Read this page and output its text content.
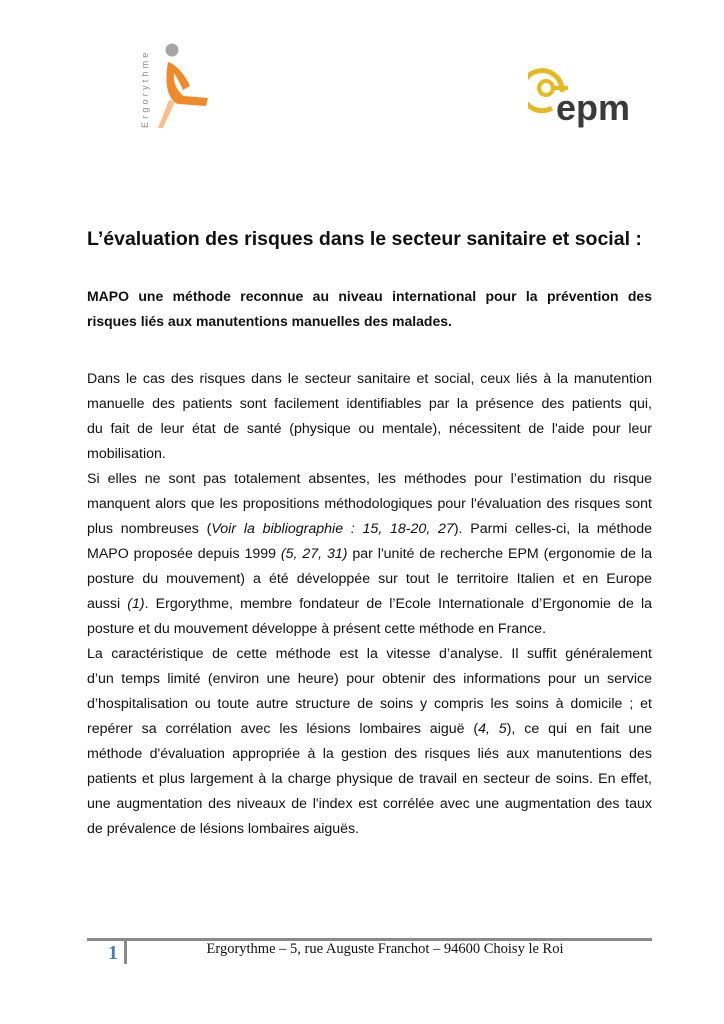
Ergorythme	epm
L’évaluation des risques dans le secteur sanitaire et social :
MAPO une méthode reconnue au niveau international pour la prévention des
risques liés aux manutentions manuelles des malades.
Dans le cas des risques dans le secteur sanitaire et social, ceux liés à la manutention
manuelle des patients sont facilement identifiables par la présence des patients qui,
du fait de leur état de santé (physique ou mentale), nécessitent de l'aide pour leur
mobilisation.
Si elles ne sont pas totalement absentes, les méthodes pour l’estimation du risque
manquent alors que les propositions méthodologiques pour l'évaluation des risques sont
plus nombreuses (Voir la bibliographie : 15, 18-20, 27). Parmi celles-ci, la méthode
MAPO proposée depuis 1999 (5, 27, 31) par l'unité de recherche EPM (ergonomie de la
posture du mouvement) a été développée sur tout le territoire Italien et en Europe
aussi (1). Ergorythme, membre fondateur de l’Ecole Internationale d’Ergonomie de la
posture et du mouvement développe à présent cette méthode en France.
La caractéristique de cette méthode est la vitesse d’analyse. Il suffit généralement
d’un temps limité (environ une heure) pour obtenir des informations pour un service
d’hospitalisation ou toute autre structure de soins y compris les soins à domicile ; et
repérer sa corrélation avec les lésions lombaires aiguë (4, 5), ce qui en fait une
méthode d'évaluation appropriée à la gestion des risques liés aux manutentions des
patients et plus largement à la charge physique de travail en secteur de soins. En effet,
une augmentation des niveaux de l'index est corrélée avec une augmentation des taux
de prévalence de lésions lombaires aiguës.
1	Ergorythme – 5, rue Auguste Franchot – 94600 Choisy le Roi
